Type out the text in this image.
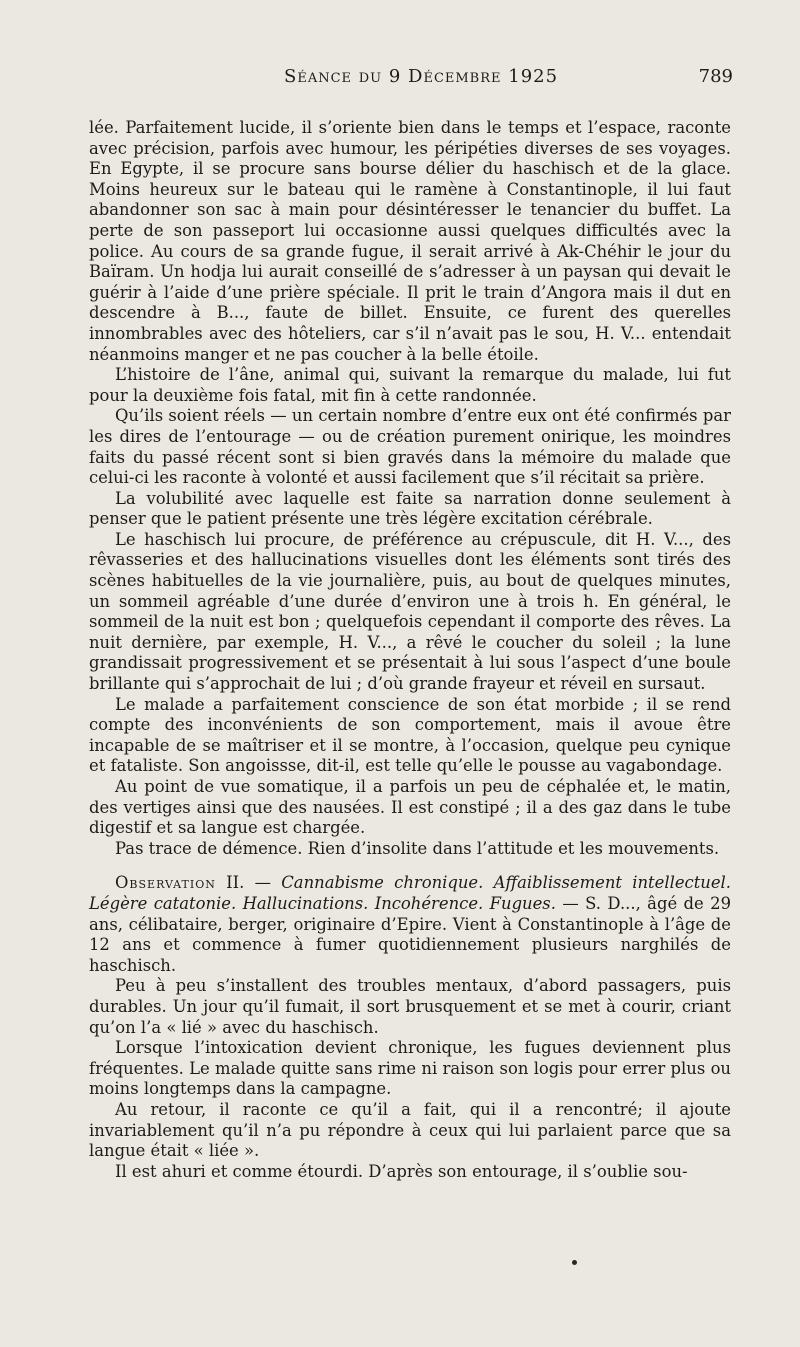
Séance du 9 Décembre 1925	789

lée. Parfaitement lucide, il s’oriente bien dans le temps et l’espace, raconte avec précision, parfois avec humour, les péripéties diverses de ses voyages. En Egypte, il se procure sans bourse délier du haschisch et de la glace. Moins heureux sur le bateau qui le ramène à Constantinople, il lui faut abandonner son sac à main pour désintéresser le tenancier du buffet. La perte de son passeport lui occasionne aussi quelques difficultés avec la police. Au cours de sa grande fugue, il serait arrivé à Ak-Chéhir le jour du Baïram. Un hodja lui aurait conseillé de s’adresser à un paysan qui devait le guérir à l’aide d’une prière spéciale. Il prit le train d’Angora mais il dut en descendre à B..., faute de billet. Ensuite, ce furent des querelles innombrables avec des hôteliers, car s’il n’avait pas le sou, H. V... entendait néanmoins manger et ne pas coucher à la belle étoile.

L’histoire de l’âne, animal qui, suivant la remarque du malade, lui fut pour la deuxième fois fatal, mit fin à cette randonnée.

Qu’ils soient réels — un certain nombre d’entre eux ont été confirmés par les dires de l’entourage — ou de création purement onirique, les moindres faits du passé récent sont si bien gravés dans la mémoire du malade que celui-ci les raconte à volonté et aussi facilement que s’il récitait sa prière.

La volubilité avec laquelle est faite sa narration donne seulement à penser que le patient présente une très légère excitation cérébrale.

Le haschisch lui procure, de préférence au crépuscule, dit H. V..., des rêvasseries et des hallucinations visuelles dont les éléments sont tirés des scènes habituelles de la vie journalière, puis, au bout de quelques minutes, un sommeil agréable d’une durée d’environ une à trois h. En général, le sommeil de la nuit est bon ; quelquefois cependant il comporte des rêves. La nuit dernière, par exemple, H. V..., a rêvé le coucher du soleil ; la lune grandissait progressivement et se présentait à lui sous l’aspect d’une boule brillante qui s’approchait de lui ; d’où grande frayeur et réveil en sursaut.

Le malade a parfaitement conscience de son état morbide ; il se rend compte des inconvénients de son comportement, mais il avoue être incapable de se maîtriser et il se montre, à l’occasion, quelque peu cynique et fataliste. Son angoissse, dit-il, est telle qu’elle le pousse au vagabondage.

Au point de vue somatique, il a parfois un peu de céphalée et, le matin, des vertiges ainsi que des nausées. Il est constipé ; il a des gaz dans le tube digestif et sa langue est chargée.

Pas trace de démence. Rien d’insolite dans l’attitude et les mouvements.

Observation II. — Cannabisme chronique. Affaiblissement intellectuel. Légère catatonie. Hallucinations. Incohérence. Fugues. — S. D..., âgé de 29 ans, célibataire, berger, originaire d’Epire. Vient à Constantinople à l’âge de 12 ans et commence à fumer quotidiennement plusieurs narghilés de haschisch.

Peu à peu s’installent des troubles mentaux, d’abord passagers, puis durables. Un jour qu’il fumait, il sort brusquement et se met à courir, criant qu’on l’a « lié » avec du haschisch.

Lorsque l’intoxication devient chronique, les fugues deviennent plus fréquentes. Le malade quitte sans rime ni raison son logis pour errer plus ou moins longtemps dans la campagne.

Au retour, il raconte ce qu’il a fait, qui il a rencontré; il ajoute invariablement qu’il n’a pu répondre à ceux qui lui parlaient parce que sa langue était « liée ».

Il est ahuri et comme étourdi. D’après son entourage, il s’oublie sou-
